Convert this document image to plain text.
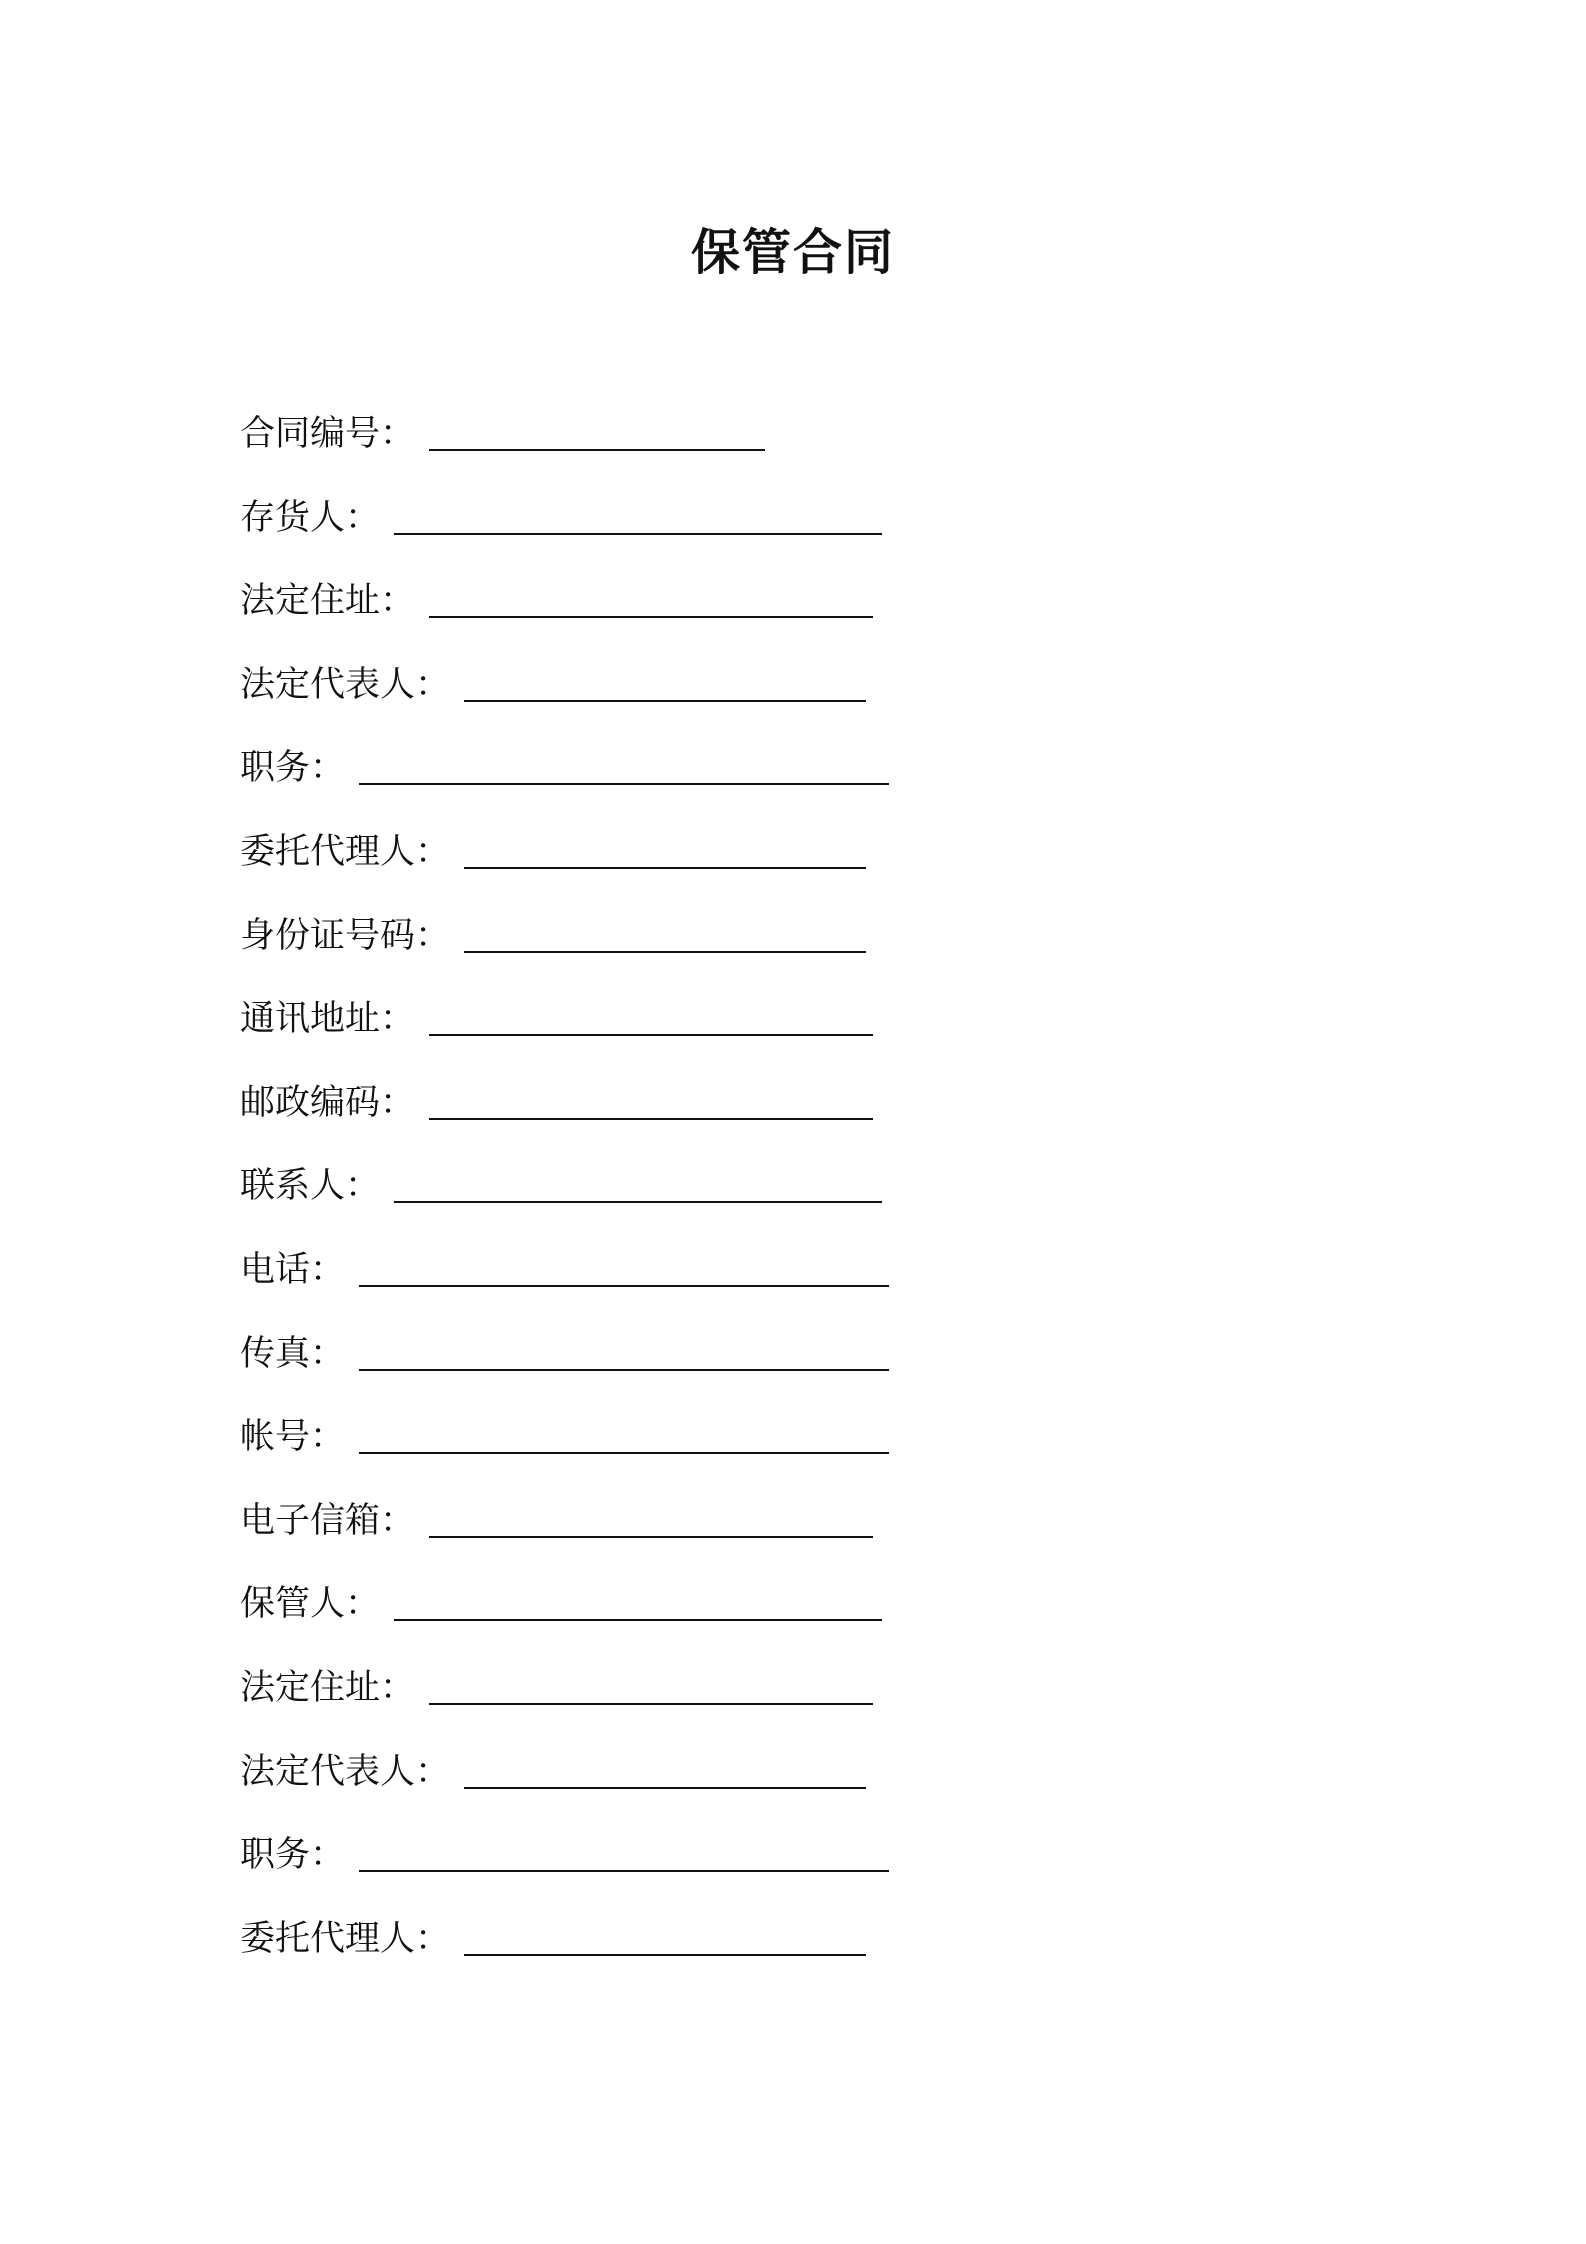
保管合同
合同编号 ：
存货人 ：
法定住址 ：
法定代表人 ：
职务 ：
委托代理人 ：
身份证号码 ：
通讯地址 ：
邮政编码 ：
联系人 ：
电话 ：
传真 ：
帐号 ：
电子信箱 ：
保管人 ：
法定住址 ：
法定代表人 ：
职务 ：
委托代理人 ：
